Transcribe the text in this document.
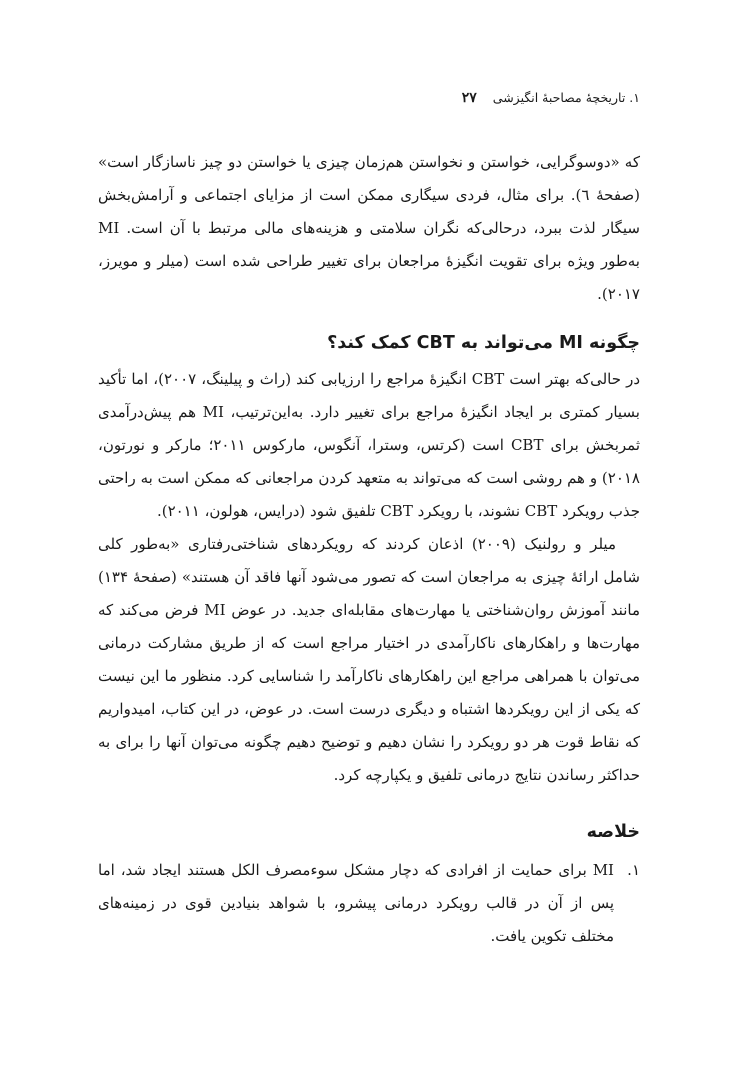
۱. تاریخچهٔ مصاحبهٔ انگیزشی
۲۷

که «دوسوگرایی، خواستن و نخواستن هم‌زمان چیزی یا خواستن دو چیز ناسازگار است» (صفحهٔ ٦). برای مثال، فردی سیگاری ممکن است از مزایای اجتماعی و آرامش‌بخش سیگار لذت ببرد، درحالی‌که نگران سلامتی و هزینه‌های مالی مرتبط با آن است. MI به‌طور ویژه برای تقویت انگیزهٔ مراجعان برای تغییر طراحی شده است (میلر و مویرز، ۲۰۱۷).

چگونه MI می‌تواند به CBT کمک کند؟

در حالی‌که بهتر است CBT انگیزهٔ مراجع را ارزیابی کند (راث و پیلینگ، ۲۰۰۷)، اما تأکید بسیار کمتری بر ایجاد انگیزهٔ مراجع برای تغییر دارد. به‌این‌ترتیب، MI هم پیش‌درآمدی ثمربخش برای CBT است (کرتس، وسترا، آنگوس، مارکوس ۲۰۱۱؛ مارکر و نورتون، ۲۰۱۸) و هم روشی است که می‌تواند به متعهد کردن مراجعانی که ممکن است به راحتی جذب رویکرد CBT نشوند، با رویکرد CBT تلفیق شود (درایس، هولون، ۲۰۱۱).

میلر و رولنیک (۲۰۰۹) اذعان کردند که رویکردهای شناختی‌رفتاری «به‌طور کلی شامل ارائهٔ چیزی به مراجعان است که تصور می‌شود آنها فاقد آن هستند» (صفحهٔ ۱۳۴) مانند آموزش روان‌شناختی یا مهارت‌های مقابله‌ای جدید. در عوض MI فرض می‌کند که مهارت‌ها و راهکارهای ناکارآمدی در اختیار مراجع است که از طریق مشارکت درمانی می‌توان با همراهی مراجع این راهکارهای ناکارآمد را شناسایی کرد. منظور ما این نیست که یکی از این رویکردها اشتباه و دیگری درست است. در عوض، در این کتاب، امیدواریم که نقاط قوت هر دو رویکرد را نشان دهیم و توضیح دهیم چگونه می‌توان آنها را برای به حداکثر رساندن نتایج درمانی تلفیق و یکپارچه کرد.

خلاصه
۱.

MI برای حمایت از افرادی که دچار مشکل سوءمصرف الکل هستند ایجاد شد، اما پس از آن در قالب رویکرد درمانی پیشرو، با شواهد بنیادین قوی در زمینه‌های مختلف تکوین یافت.
